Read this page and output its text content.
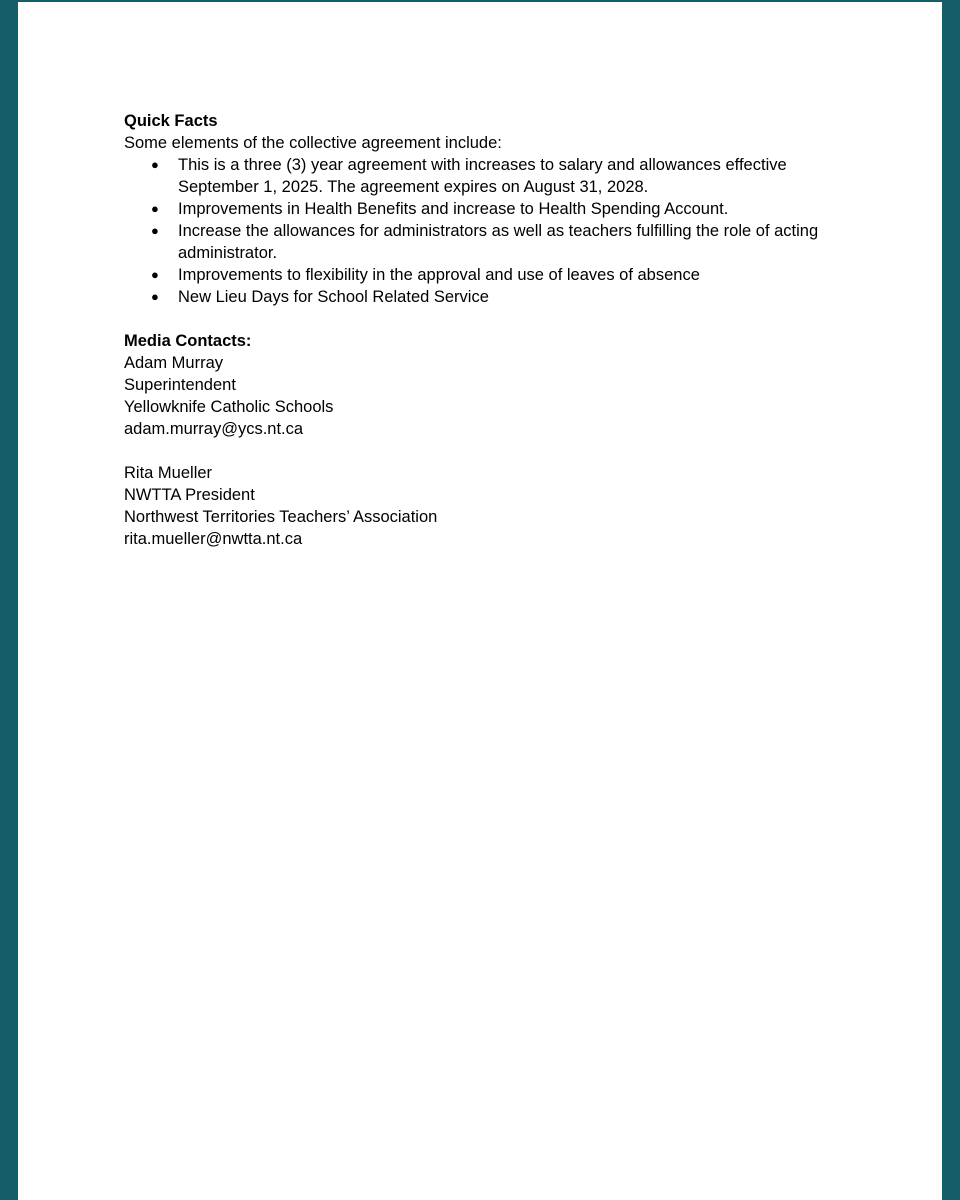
Quick Facts

Some elements of the collective agreement include:

● This is a three (3) year agreement with increases to salary and allowances effective September 1, 2025. The agreement expires on August 31, 2028.
● Improvements in Health Benefits and increase to Health Spending Account.
● Increase the allowances for administrators as well as teachers fulfilling the role of acting administrator.
● Improvements to flexibility in the approval and use of leaves of absence
● New Lieu Days for School Related Service

Media Contacts:

Adam Murray

Superintendent

Yellowknife Catholic Schools

adam.murray@ycs.nt.ca

Rita Mueller

NWTTA President

Northwest Territories Teachers’ Association

rita.mueller@nwtta.nt.ca
